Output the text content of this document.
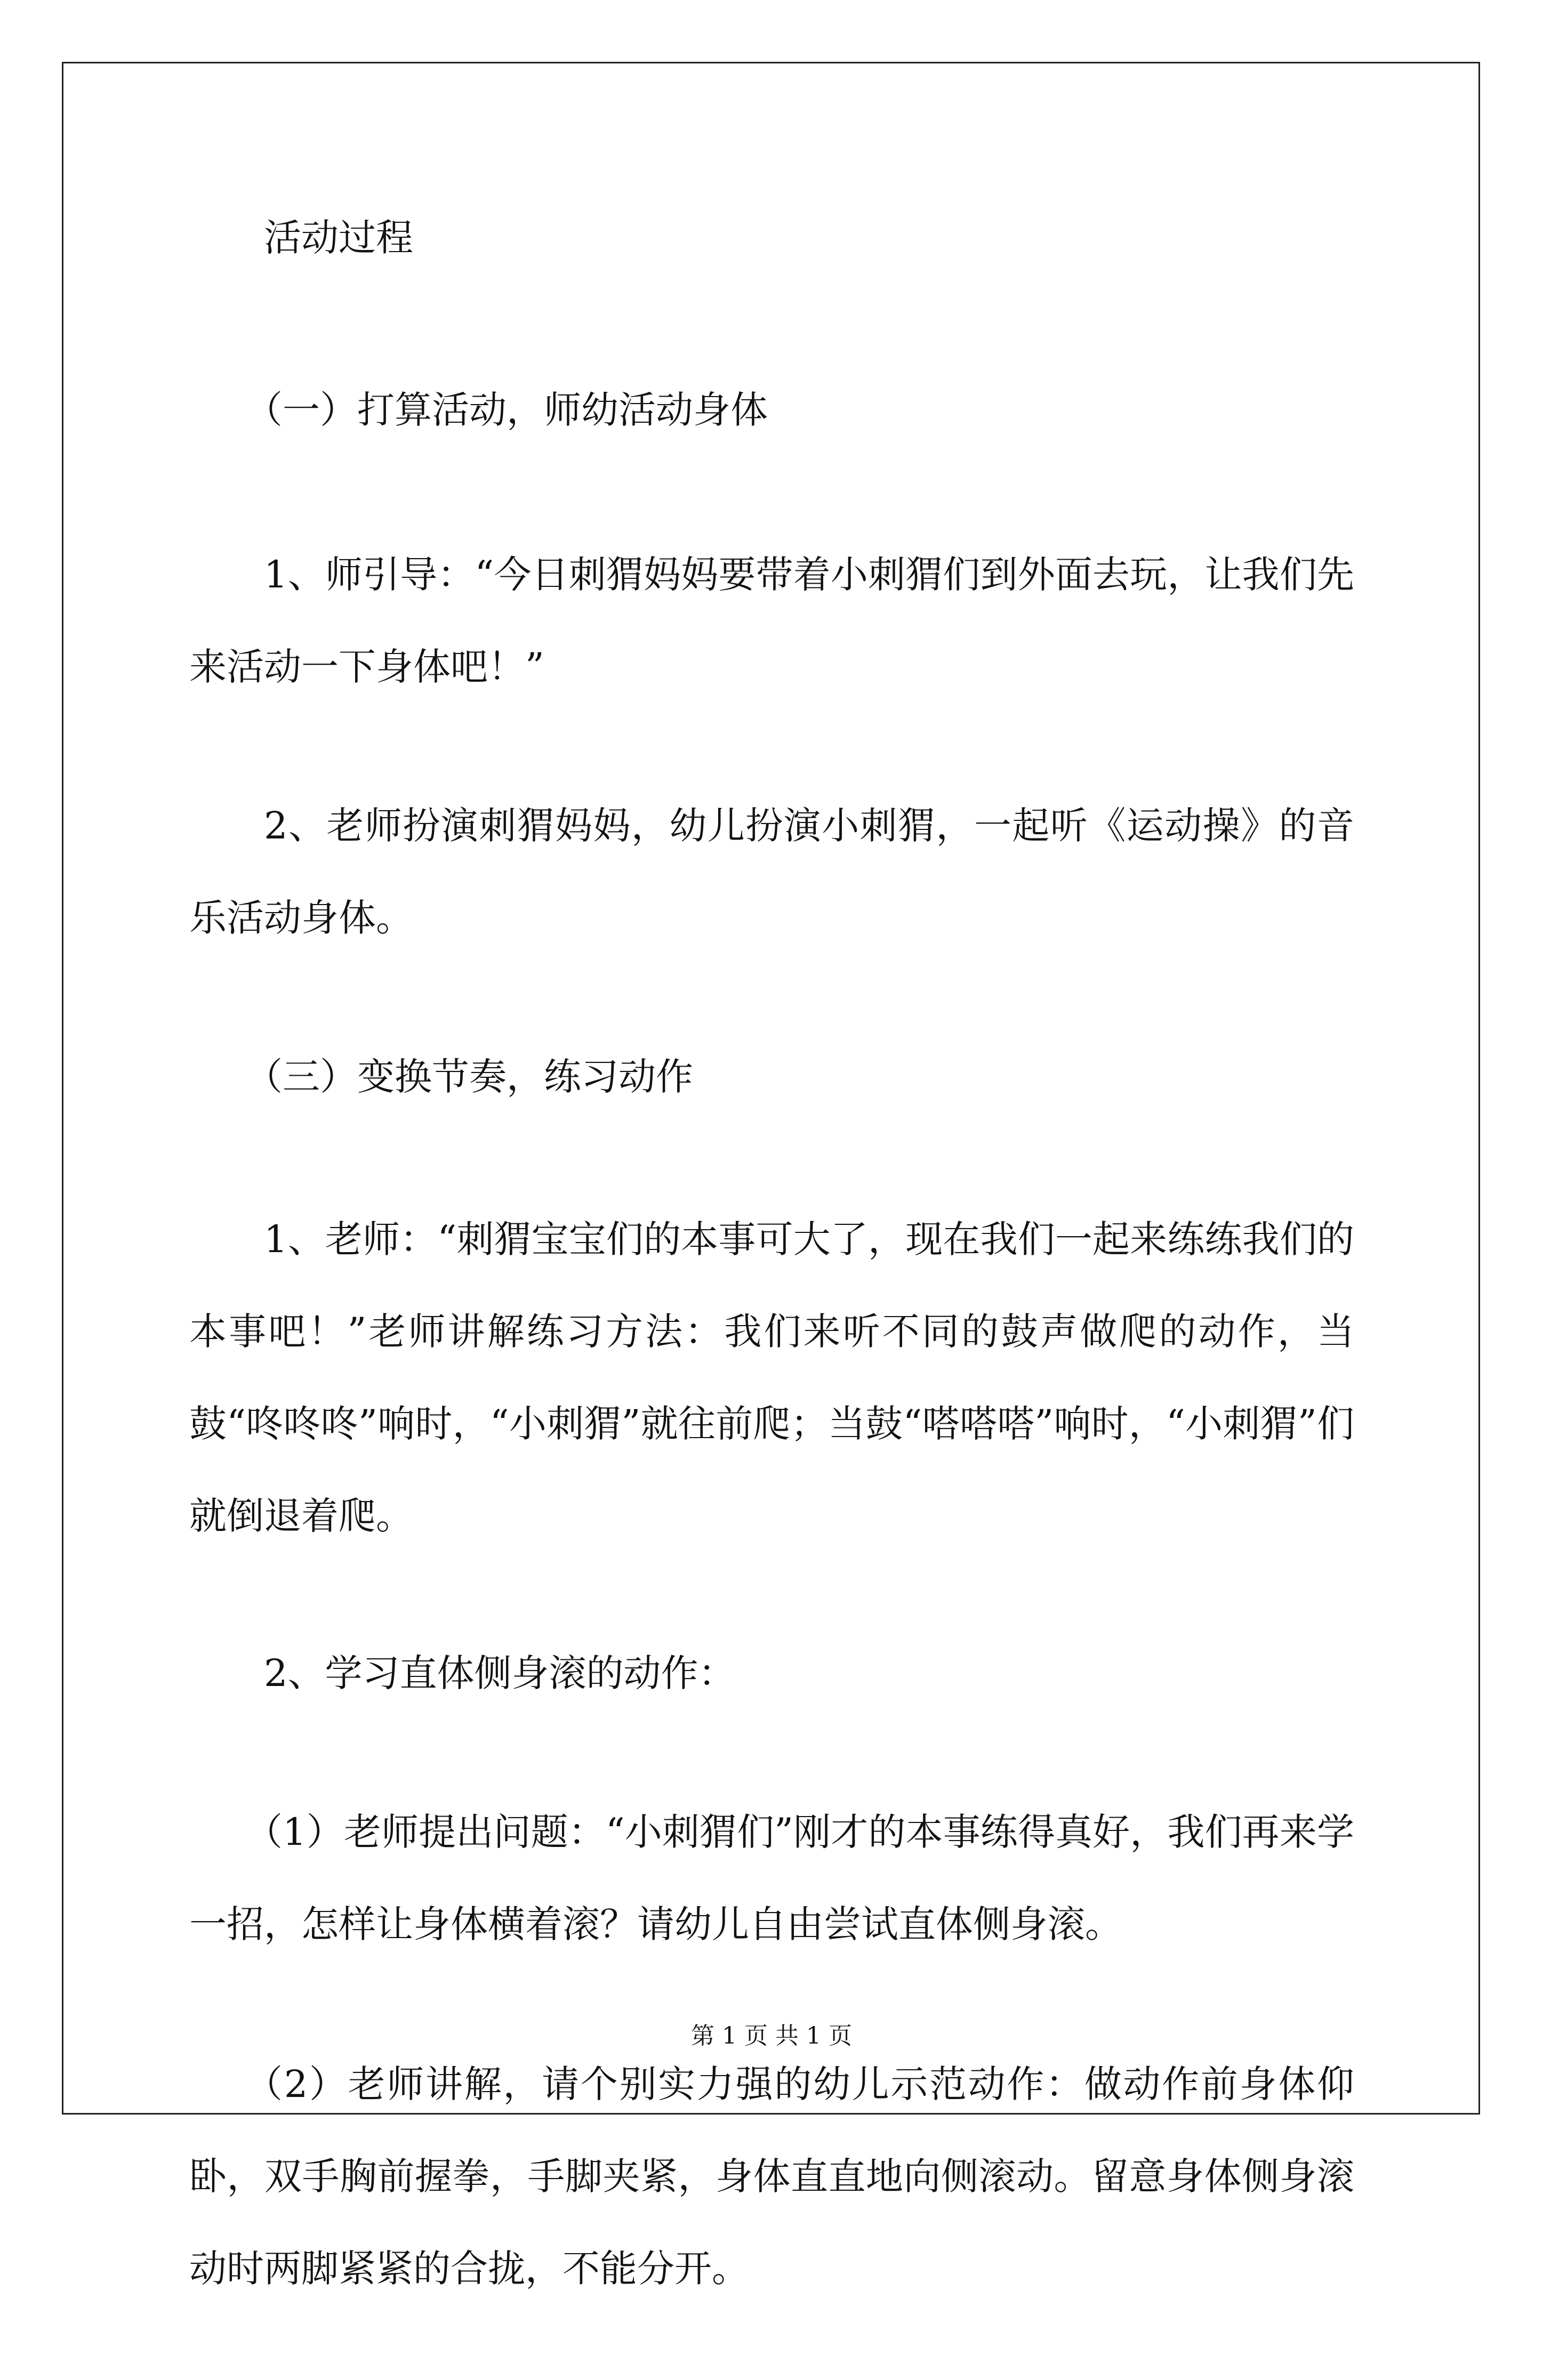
活动过程

（一）打算活动，师幼活动身体

1、师引导：“今日刺猬妈妈要带着小刺猬们到外面去玩，让我们先来活动一下身体吧！”

2、老师扮演刺猬妈妈，幼儿扮演小刺猬，一起听《运动操》的音乐活动身体。

（三）变换节奏，练习动作

1、老师：“刺猬宝宝们的本事可大了，现在我们一起来练练我们的本事吧！”老师讲解练习方法：我们来听不同的鼓声做爬的动作，当鼓“咚咚咚”响时，“小刺猬”就往前爬；当鼓“嗒嗒嗒”响时，“小刺猬”们就倒退着爬。

2、学习直体侧身滚的动作：

（1）老师提出问题：“小刺猬们”刚才的本事练得真好，我们再来学一招，怎样让身体横着滚？请幼儿自由尝试直体侧身滚。

（2）老师讲解，请个别实力强的幼儿示范动作：做动作前身体仰卧，双手胸前握拳，手脚夹紧，身体直直地向侧滚动。留意身体侧身滚动时两脚紧紧的合拢，不能分开。

第 1 页 共 1 页
